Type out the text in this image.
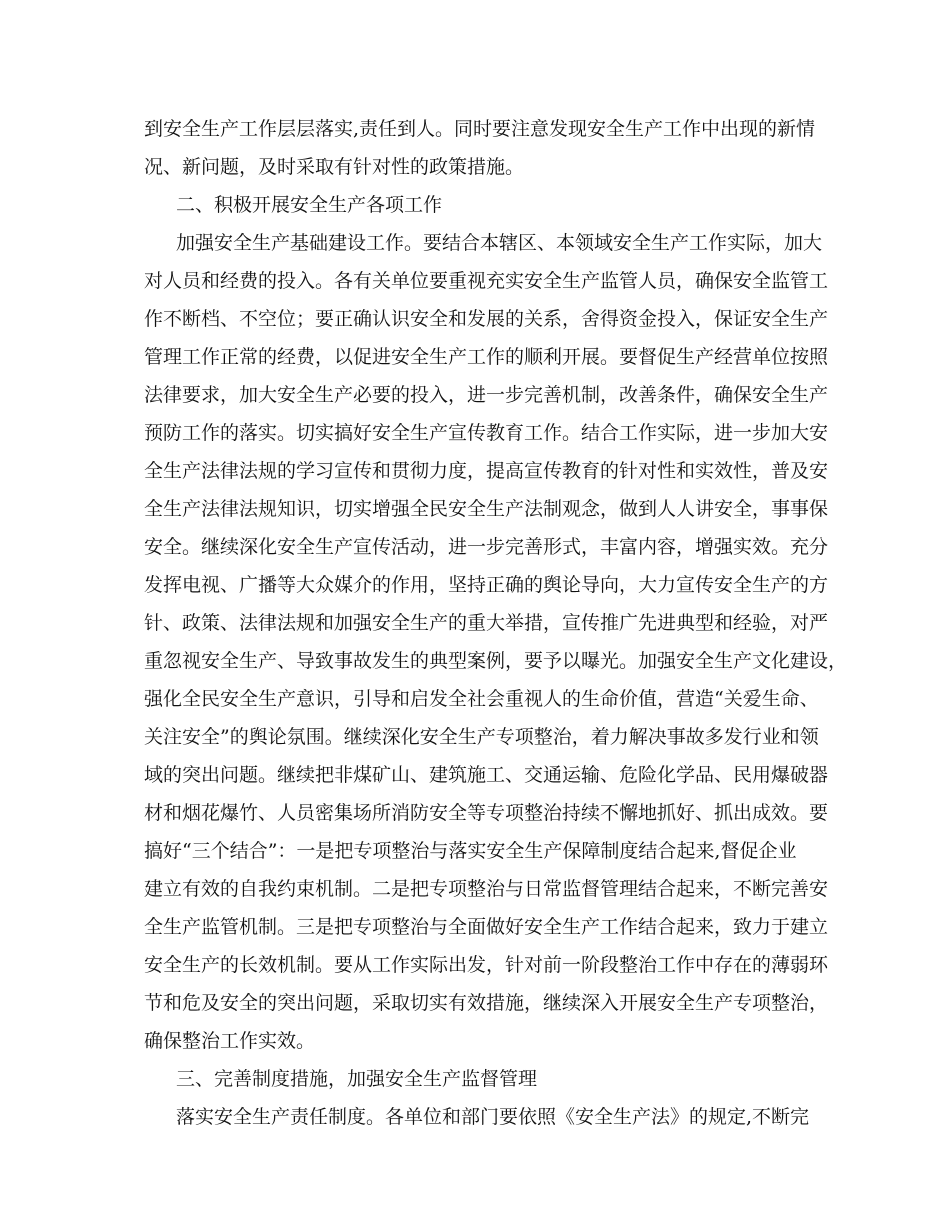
到安全生产工作层层落实,责任到人。同时要注意发现安全生产工作中出现的新情

况、新问题，及时采取有针对性的政策措施。

二、积极开展安全生产各项工作

加强安全生产基础建设工作。要结合本辖区、本领域安全生产工作实际，加大

对人员和经费的投入。各有关单位要重视充实安全生产监管人员，确保安全监管工

作不断档、不空位；要正确认识安全和发展的关系，舍得资金投入，保证安全生产

管理工作正常的经费，以促进安全生产工作的顺利开展。要督促生产经营单位按照

法律要求，加大安全生产必要的投入，进一步完善机制，改善条件，确保安全生产

预防工作的落实。切实搞好安全生产宣传教育工作。结合工作实际，进一步加大安

全生产法律法规的学习宣传和贯彻力度，提高宣传教育的针对性和实效性，普及安

全生产法律法规知识，切实增强全民安全生产法制观念，做到人人讲安全，事事保

安全。继续深化安全生产宣传活动，进一步完善形式，丰富内容，增强实效。充分

发挥电视、广播等大众媒介的作用，坚持正确的舆论导向，大力宣传安全生产的方

针、政策、法律法规和加强安全生产的重大举措，宣传推广先进典型和经验，对严

重忽视安全生产、导致事故发生的典型案例，要予以曝光。加强安全生产文化建设，

强化全民安全生产意识，引导和启发全社会重视人的生命价值，营造“关爱生命、

关注安全”的舆论氛围。继续深化安全生产专项整治，着力解决事故多发行业和领

域的突出问题。继续把非煤矿山、建筑施工、交通运输、危险化学品、民用爆破器

材和烟花爆竹、人员密集场所消防安全等专项整治持续不懈地抓好、抓出成效。要

搞好“三个结合”：一是把专项整治与落实安全生产保障制度结合起来,督促企业

建立有效的自我约束机制。二是把专项整治与日常监督管理结合起来，不断完善安

全生产监管机制。三是把专项整治与全面做好安全生产工作结合起来，致力于建立

安全生产的长效机制。要从工作实际出发，针对前一阶段整治工作中存在的薄弱环

节和危及安全的突出问题，采取切实有效措施，继续深入开展安全生产专项整治，

确保整治工作实效。

三、完善制度措施，加强安全生产监督管理

落实安全生产责任制度。各单位和部门要依照《安全生产法》的规定,不断完
